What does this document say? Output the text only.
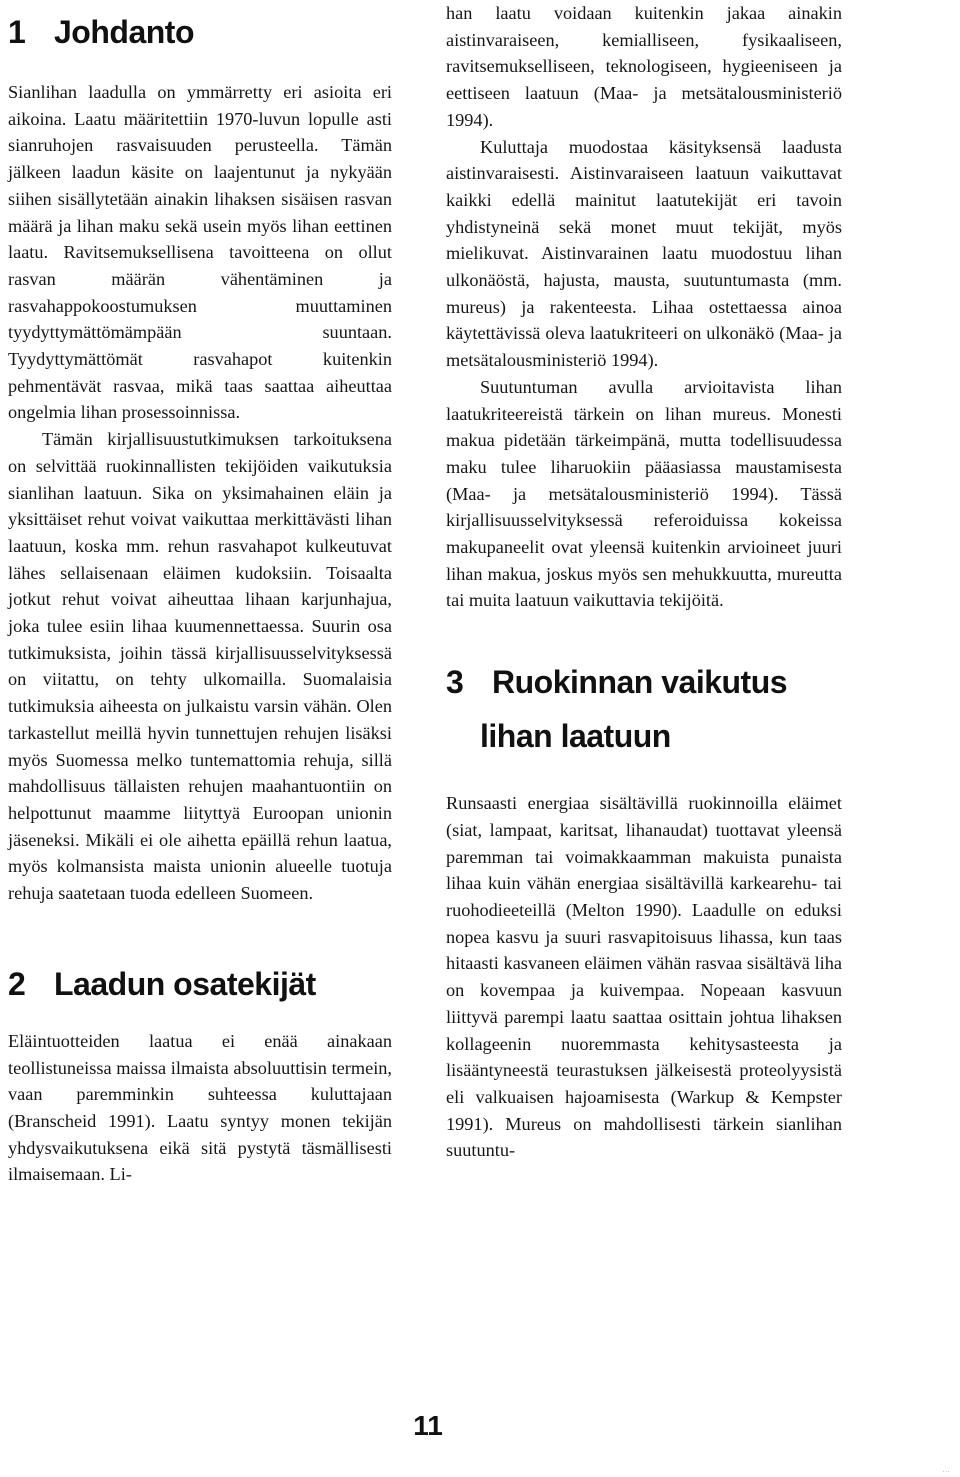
1 Johdanto

Sianlihan laadulla on ymmärretty eri asioita eri aikoina. Laatu määritettiin 1970-luvun lopulle asti sianruhojen rasvaisuuden perusteella. Tämän jälkeen laadun käsite on laajentunut ja nykyään siihen sisällytetään ainakin lihaksen sisäisen rasvan määrä ja lihan maku sekä usein myös lihan eettinen laatu. Ravitsemuksellisena tavoitteena on ollut rasvan määrän vähentäminen ja rasvahappokoostumuksen muuttaminen tyydyttymättömämpään suuntaan. Tyydyttymättömät rasvahapot kuitenkin pehmentävät rasvaa, mikä taas saattaa aiheuttaa ongelmia lihan prosessoinnissa.

Tämän kirjallisuustutkimuksen tarkoituksena on selvittää ruokinnallisten tekijöiden vaikutuksia sianlihan laatuun. Sika on yksimahainen eläin ja yksittäiset rehut voivat vaikuttaa merkittävästi lihan laatuun, koska mm. rehun rasvahapot kulkeutuvat lähes sellaisenaan eläimen kudoksiin. Toisaalta jotkut rehut voivat aiheuttaa lihaan karjunhajua, joka tulee esiin lihaa kuumennettaessa. Suurin osa tutkimuksista, joihin tässä kirjallisuusselvityksessä on viitattu, on tehty ulkomailla. Suomalaisia tutkimuksia aiheesta on julkaistu varsin vähän. Olen tarkastellut meillä hyvin tunnettujen rehujen lisäksi myös Suomessa melko tuntemattomia rehuja, sillä mahdollisuus tällaisten rehujen maahantuontiin on helpottunut maamme liityttyä Euroopan unionin jäseneksi. Mikäli ei ole aihetta epäillä rehun laatua, myös kolmansista maista unionin alueelle tuotuja rehuja saatetaan tuoda edelleen Suomeen.

2 Laadun osatekijät

Eläintuotteiden laatua ei enää ainakaan teollistuneissa maissa ilmaista absoluuttisin termein, vaan paremminkin suhteessa kuluttajaan (Branscheid 1991). Laatu syntyy monen tekijän yhdysvaikutuksena eikä sitä pystytä täsmällisesti ilmaisemaan. Li-

han laatu voidaan kuitenkin jakaa ainakin aistinvaraiseen, kemialliseen, fysikaaliseen, ravitsemukselliseen, teknologiseen, hygieeniseen ja eettiseen laatuun (Maa- ja metsätalousministeriö 1994).

Kuluttaja muodostaa käsityksensä laadusta aistinvaraisesti. Aistinvaraiseen laatuun vaikuttavat kaikki edellä mainitut laatutekijät eri tavoin yhdistyneinä sekä monet muut tekijät, myös mielikuvat. Aistinvarainen laatu muodostuu lihan ulkonäöstä, hajusta, mausta, suutuntumasta (mm. mureus) ja rakenteesta. Lihaa ostettaessa ainoa käytettävissä oleva laatukriteeri on ulkonäkö (Maa- ja metsätalousministeriö 1994).

Suutuntuman avulla arvioitavista lihan laatukriteereistä tärkein on lihan mureus. Monesti makua pidetään tärkeimpänä, mutta todellisuudessa maku tulee liharuokiin pääasiassa maustamisesta (Maa- ja metsätalousministeriö 1994). Tässä kirjallisuusselvityksessä referoiduissa kokeissa makupaneelit ovat yleensä kuitenkin arvioineet juuri lihan makua, joskus myös sen mehukkuutta, mureutta tai muita laatuun vaikuttavia tekijöitä.

3 Ruokinnan vaikutus
lihan laatuun

Runsaasti energiaa sisältävillä ruokinnoilla eläimet (siat, lampaat, karitsat, lihanaudat) tuottavat yleensä paremman tai voimakkaamman makuista punaista lihaa kuin vähän energiaa sisältävillä karkearehu- tai ruohodieeteillä (Melton 1990). Laadulle on eduksi nopea kasvu ja suuri rasvapitoisuus lihassa, kun taas hitaasti kasvaneen eläimen vähän rasvaa sisältävä liha on kovempaa ja kuivempaa. Nopeaan kasvuun liittyvä parempi laatu saattaa osittain johtua lihaksen kollageenin nuoremmasta kehitysasteesta ja lisääntyneestä teurastuksen jälkeisestä proteolyysistä eli valkuaisen hajoamisesta (Warkup & Kempster 1991). Mureus on mahdollisesti tärkein sianlihan suutuntu-

11
...
